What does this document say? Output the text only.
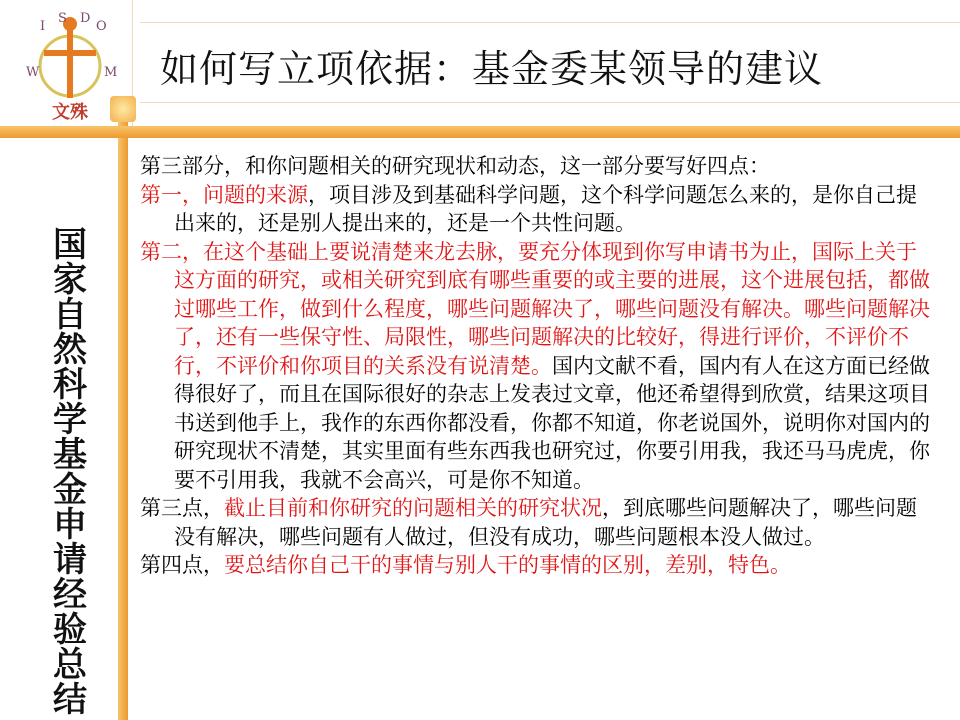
W
I
S D
O
M
文殊
如何写立项依据：基金委某领导的建议
国家自然科学基金申请经验总结
第三部分，和你问题相关的研究现状和动态，这一部分要写好四点：
第一，问题的来源，项目涉及到基础科学问题，这个科学问题怎么来的，是你自己提出来的，还是别人提出来的，还是一个共性问题。
第二，在这个基础上要说清楚来龙去脉，要充分体现到你写申请书为止，国际上关于这方面的研究，或相关研究到底有哪些重要的或主要的进展，这个进展包括，都做过哪些工作，做到什么程度，哪些问题解决了，哪些问题没有解决。哪些问题解决了，还有一些保守性、局限性，哪些问题解决的比较好，得进行评价，不评价不行，不评价和你项目的关系没有说清楚。国内文献不看，国内有人在这方面已经做得很好了，而且在国际很好的杂志上发表过文章，他还希望得到欣赏，结果这项目书送到他手上，我作的东西你都没看，你都不知道，你老说国外，说明你对国内的研究现状不清楚，其实里面有些东西我也研究过，你要引用我，我还马马虎虎，你要不引用我，我就不会高兴，可是你不知道。
第三点，截止目前和你研究的问题相关的研究状况，到底哪些问题解决了，哪些问题没有解决，哪些问题有人做过，但没有成功，哪些问题根本没人做过。
第四点，要总结你自己干的事情与别人干的事情的区别，差别，特色。
